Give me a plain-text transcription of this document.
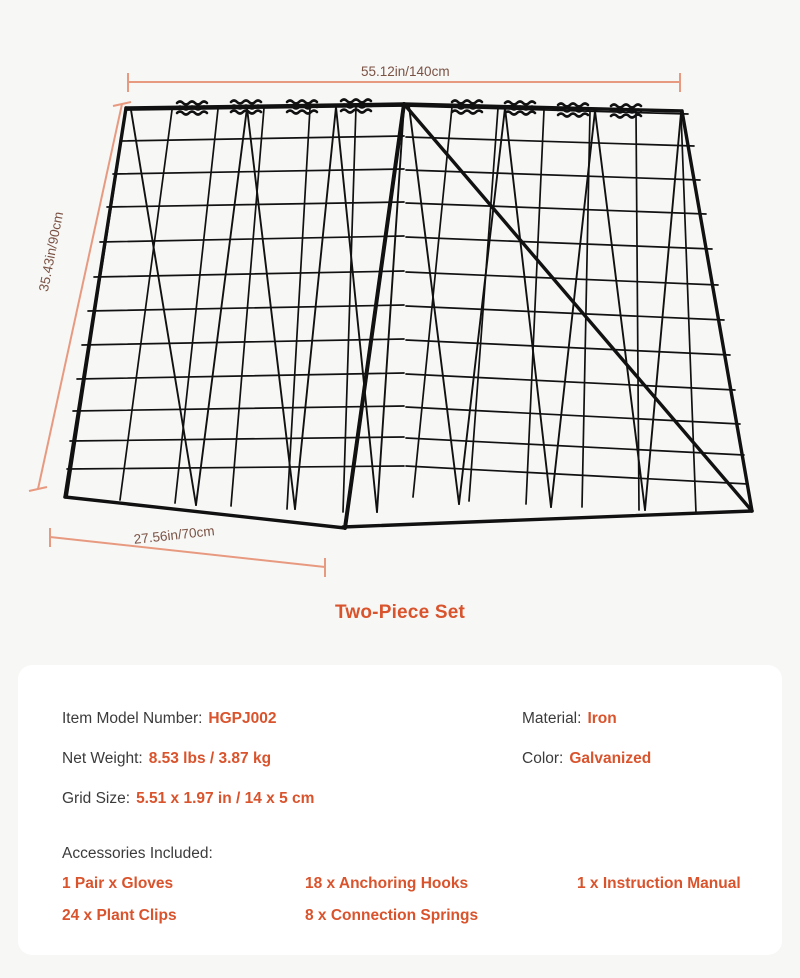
55.12in/140cm
35.43in/90cm
27.56in/70cm
Two-Piece Set
Item Model Number: HGPJ002	Material: Iron
Net Weight: 8.53 lbs / 3.87 kg	Color: Galvanized
Grid Size: 5.51 x 1.97 in / 14 x 5 cm
Accessories Included:
1 Pair x Gloves	18 x Anchoring Hooks	1 x Instruction Manual
24 x Plant Clips	8 x Connection Springs
